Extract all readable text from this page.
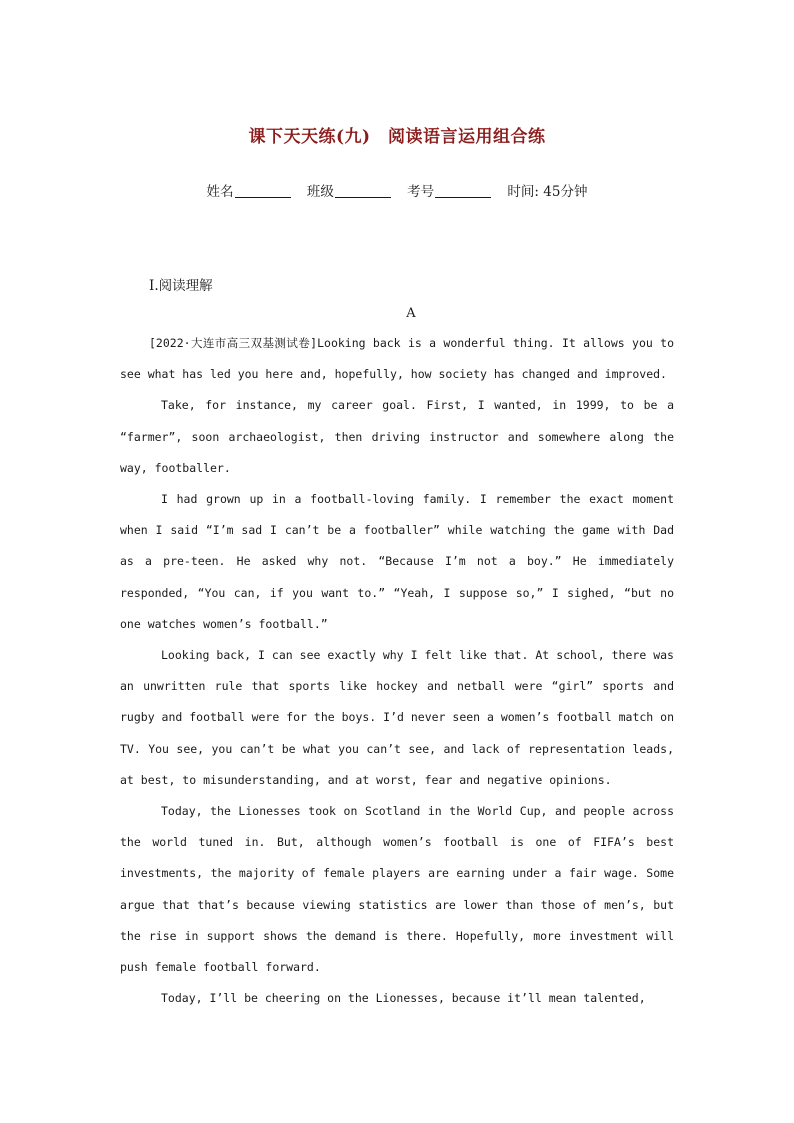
课下天天练(九)　阅读语言运用组合练
姓名	班级	考号	时间: 45分钟
Ⅰ.阅读理解
A

[2022·大连市高三双基测试卷]Looking back is a wonderful thing. It allows you to see what has led you here and, hopefully, how society has changed and improved.

Take, for instance, my career goal. First, I wanted, in 1999, to be a “farmer”, soon archaeologist, then driving instructor and somewhere along the way, footballer.

I had grown up in a football-loving family. I remember the exact moment when I said “I’m sad I can’t be a footballer” while watching the game with Dad as a pre-teen. He asked why not. “Because I’m not a boy.” He immediately responded, “You can, if you want to.” “Yeah, I suppose so,” I sighed, “but no one watches women’s football.”

Looking back, I can see exactly why I felt like that. At school, there was an unwritten rule that sports like hockey and netball were “girl” sports and rugby and football were for the boys. I’d never seen a women’s football match on TV. You see, you can’t be what you can’t see, and lack of representation leads, at best, to misunderstanding, and at worst, fear and negative opinions.

Today, the Lionesses took on Scotland in the World Cup, and people across the world tuned in. But, although women’s football is one of FIFA’s best investments, the majority of female players are earning under a fair wage. Some argue that that’s because viewing statistics are lower than those of men’s, but the rise in support shows the demand is there. Hopefully, more investment will push female football forward.

Today, I’ll be cheering on the Lionesses, because it’ll mean talented,
